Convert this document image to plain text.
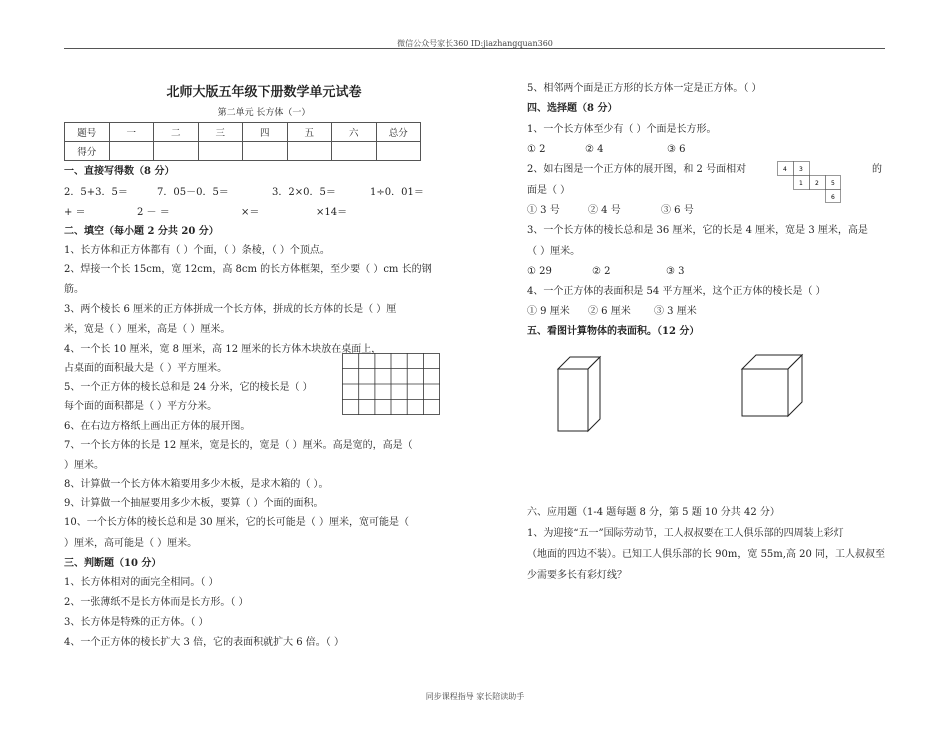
微信公众号家长360 ID:jiazhangquan360
北师大版五年级下册数学单元试卷
第二单元 长方体（一）
题号	一	二	三	四	五	六	总分
得分							
一、直接写得数（8 分）
2．5+3．5＝	7．05－0．5＝	3．2×0．5＝	1÷0．01＝
+ ＝	2 － ＝	×＝	×14＝
二、填空（每小题 2 分共 20 分）
1、长方体和正方体都有（ ）个面，（ ）条棱，（ ）个顶点。
2、焊接一个长 15cm，宽 12cm，高 8cm 的长方体框架，至少要（ ）cm 长的钢
筋。
3、两个棱长 6 厘米的正方体拼成一个长方体，拼成的长方体的长是（ ）厘
米，宽是（ ）厘米，高是（ ）厘米。
4、一个长 10 厘米，宽 8 厘米，高 12 厘米的长方体木块放在桌面上，
占桌面的面积最大是（ ）平方厘米。
5、一个正方体的棱长总和是 24 分米，它的棱长是（ ）
每个面的面积都是（ ）平方分米。
6、在右边方格纸上画出正方体的展开图。
7、一个长方体的长是 12 厘米，宽是长的，宽是（ ）厘米。高是宽的，高是（
）厘米。
8、计算做一个长方体木箱要用多少木板，是求木箱的（ ）。
9、计算做一个抽屉要用多少木板，要算（ ）个面的面积。
10、一个长方体的棱长总和是 30 厘米，它的长可能是（ ）厘米，宽可能是（
）厘米，高可能是（ ）厘米。
三、判断题（10 分）
1、长方体相对的面完全相同。（ ）
2、一张薄纸不是长方体而是长方形。（ ）
3、长方体是特殊的正方体。（ ）
4、一个正方体的棱长扩大 3 倍，它的表面积就扩大 6 倍。（ ）
5、相邻两个面是正方形的长方体一定是正方体。（ ）
四、选择题（8 分）
1、一个长方体至少有（ ）个面是长方形。
① 2	② 4	③ 6
2、如右图是一个正方体的展开图，和 2 号面相对	的
面是（ ）
4 3
1 2 5
6
① 3 号	② 4 号	③ 6 号
3、一个长方体的棱长总和是 36 厘米，它的长是 4 厘米，宽是 3 厘米，高是
（ ）厘米。
① 29	② 2	③ 3
4、一个正方体的表面积是 54 平方厘米，这个正方体的棱长是（ ）
① 9 厘米 ② 6 厘米 ③ 3 厘米
五、看图计算物体的表面积。（12 分）
六、应用题（1-4 题每题 8 分，第 5 题 10 分共 42 分）
1、为迎接“五一”国际劳动节，工人叔叔要在工人俱乐部的四周装上彩灯
（地面的四边不装）。已知工人俱乐部的长 90m，宽 55m,高 20 同，工人叔叔至
少需要多长有彩灯线？
同步课程指导 家长陪读助手
